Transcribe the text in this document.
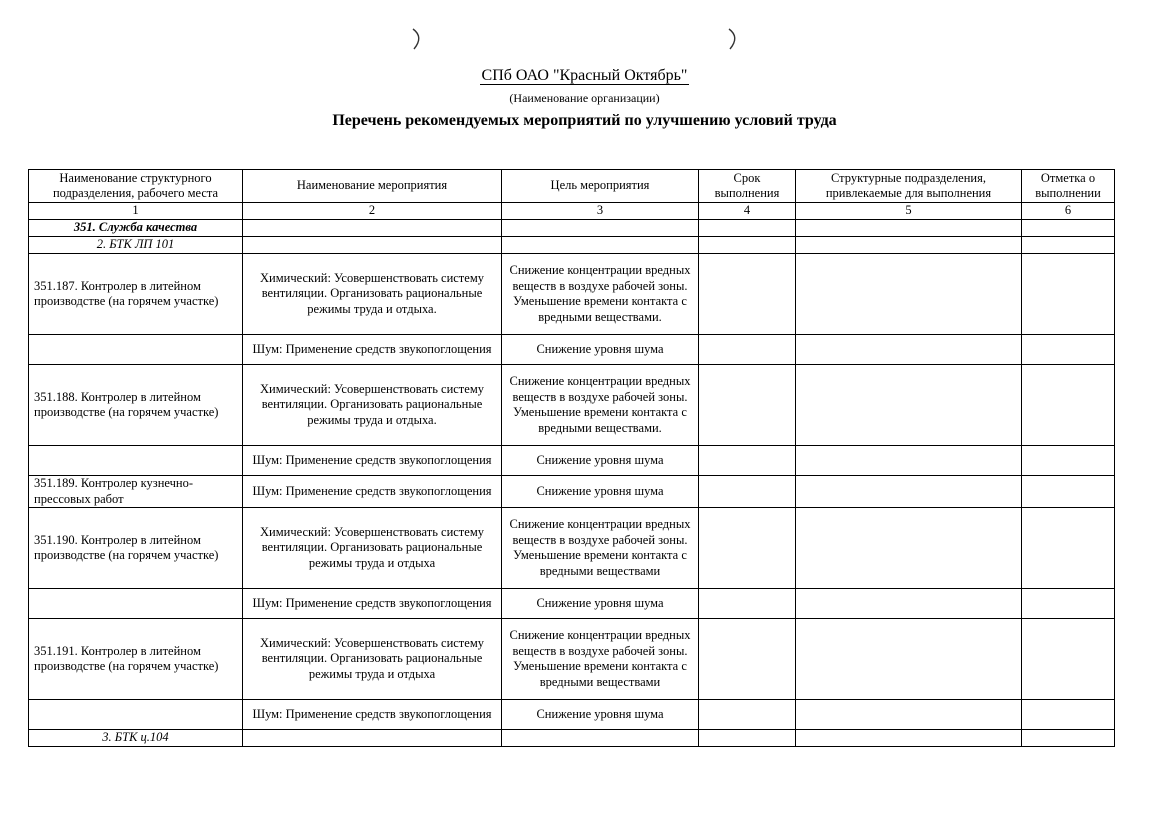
СПб ОАО "Красный Октябрь"
(Наименование организации)
Перечень рекомендуемых мероприятий по улучшению условий труда
Наименование структурного подразделения, рабочего места	Наименование мероприятия	Цель мероприятия	Срок выполнения	Структурные подразделения, привлекаемые для выполнения	Отметка о выполнении
1	2	3	4	5	6
351. Служба качества					
2. БТК ЛП 101					
351.187. Контролер в литейном производстве (на горячем участке)	Химический: Усовершенствовать систему вентиляции. Организовать рациональные режимы труда и отдыха.	Снижение концентрации вредных веществ в воздухе рабочей зоны. Уменьшение времени контакта с вредными веществами.			
	Шум: Применение средств звукопоглощения	Снижение уровня шума			
351.188. Контролер в литейном производстве (на горячем участке)	Химический: Усовершенствовать систему вентиляции. Организовать рациональные режимы труда и отдыха.	Снижение концентрации вредных веществ в воздухе рабочей зоны. Уменьшение времени контакта с вредными веществами.			
	Шум: Применение средств звукопоглощения	Снижение уровня шума			
351.189. Контролер кузнечно-прессовых работ	Шум: Применение средств звукопоглощения	Снижение уровня шума			
351.190. Контролер в литейном производстве (на горячем участке)	Химический: Усовершенствовать систему вентиляции. Организовать рациональные режимы труда и отдыха	Снижение концентрации вредных веществ в воздухе рабочей зоны. Уменьшение времени контакта с вредными веществами			
	Шум: Применение средств звукопоглощения	Снижение уровня шума			
351.191. Контролер в литейном производстве (на горячем участке)	Химический: Усовершенствовать систему вентиляции. Организовать рациональные режимы труда и отдыха	Снижение концентрации вредных веществ в воздухе рабочей зоны. Уменьшение времени контакта с вредными веществами			
	Шум: Применение средств звукопоглощения	Снижение уровня шума			
3. БТК ц.104					
